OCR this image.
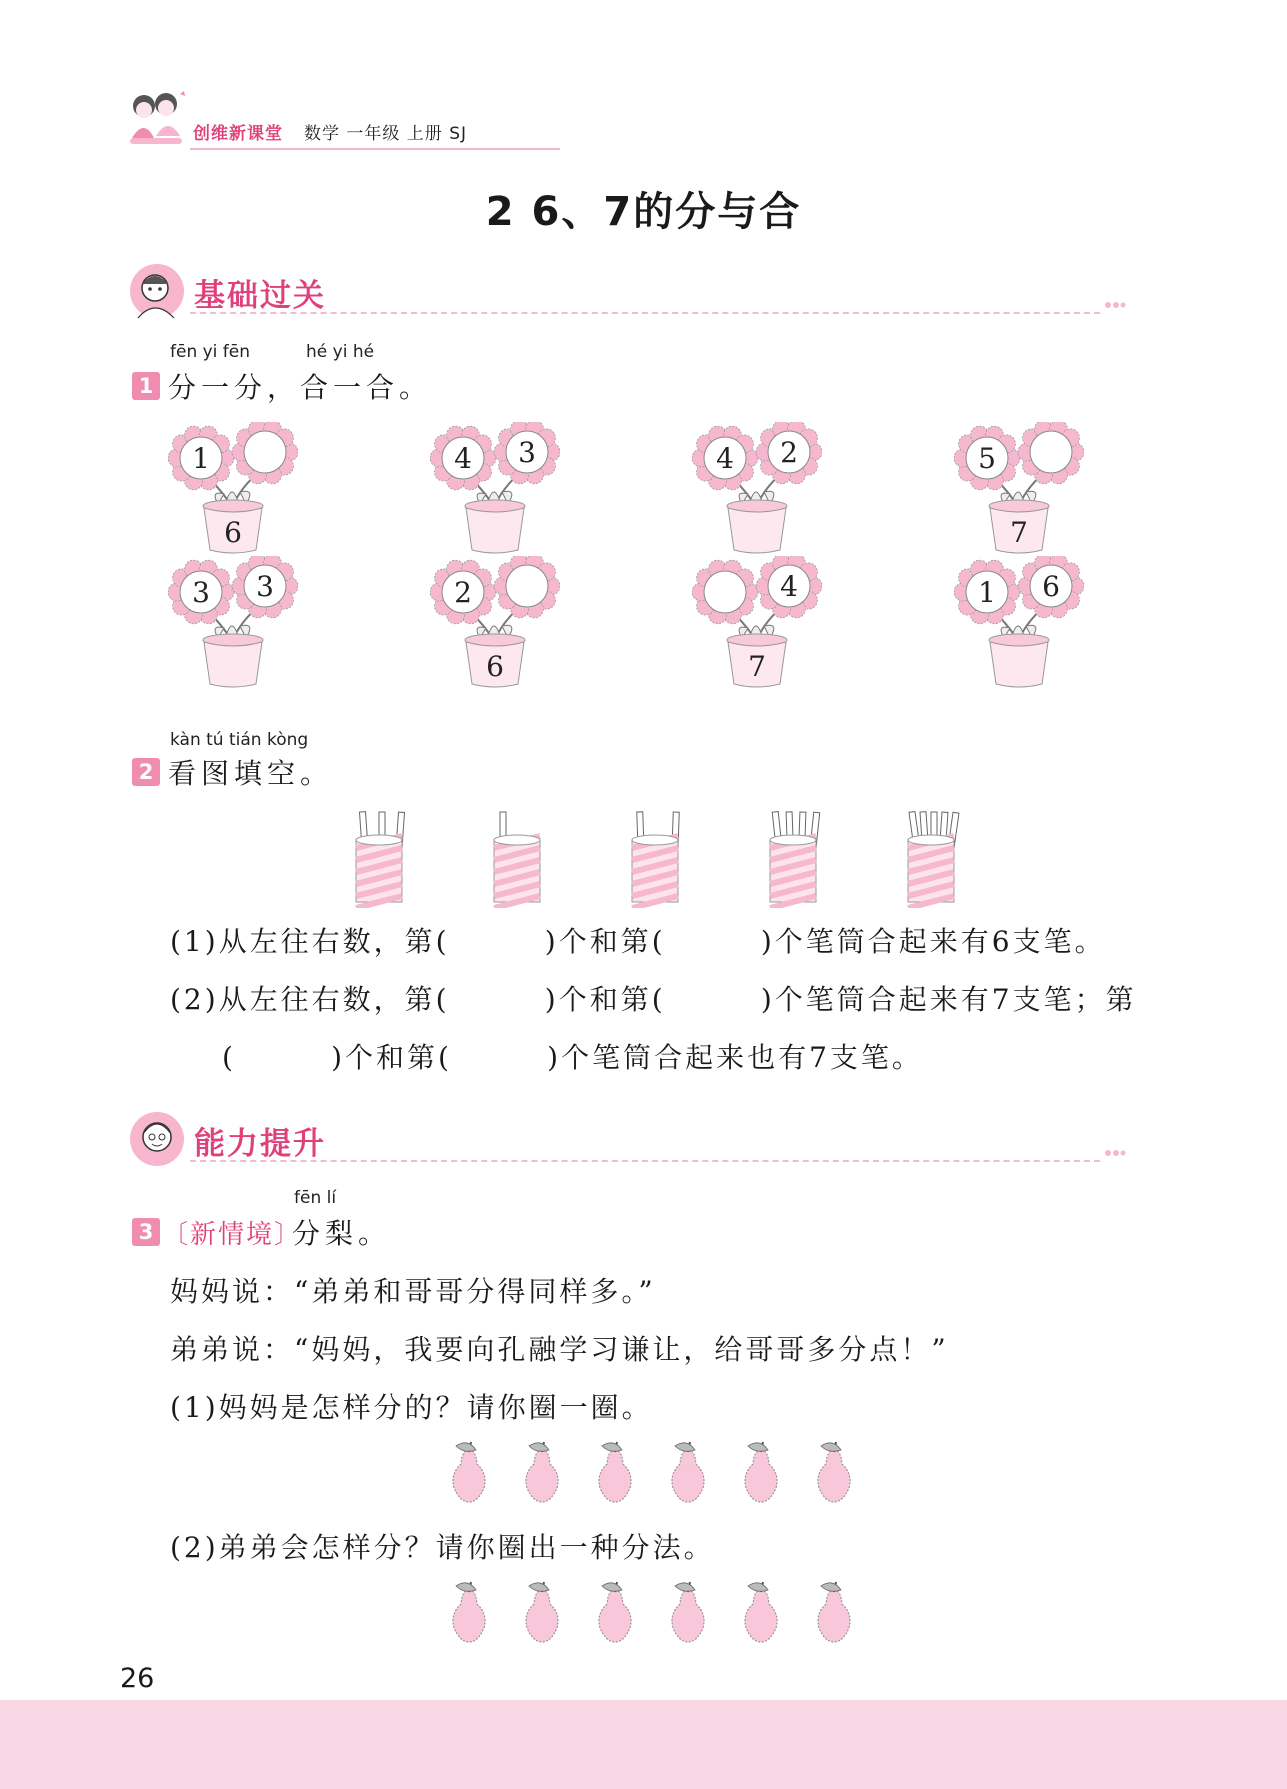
创维新课堂 数学 一年级 上册 SJ
2 6、7的分与合
基础过关
fēn yi fēn	hé yi hé
1 分一分，合一合。
1
6
4 3	4 2	5
7
3 3	2
6
4
7
1 6
kàn tú tián kòng
2 看图填空。
(1)从左往右数，第(        )个和第(        )个笔筒合起来有6支笔。
(2)从左往右数，第(        )个和第(        )个笔筒合起来有7支笔；第
(        )个和第(        )个笔筒合起来也有7支笔。
能力提升
fēn lí
3 〔新情境〕
分梨。
妈妈说：“弟弟和哥哥分得同样多。”
弟弟说：“妈妈，我要向孔融学习谦让，给哥哥多分点！”
(1)妈妈是怎样分的？请你圈一圈。
(2)弟弟会怎样分？请你圈出一种分法。
26
